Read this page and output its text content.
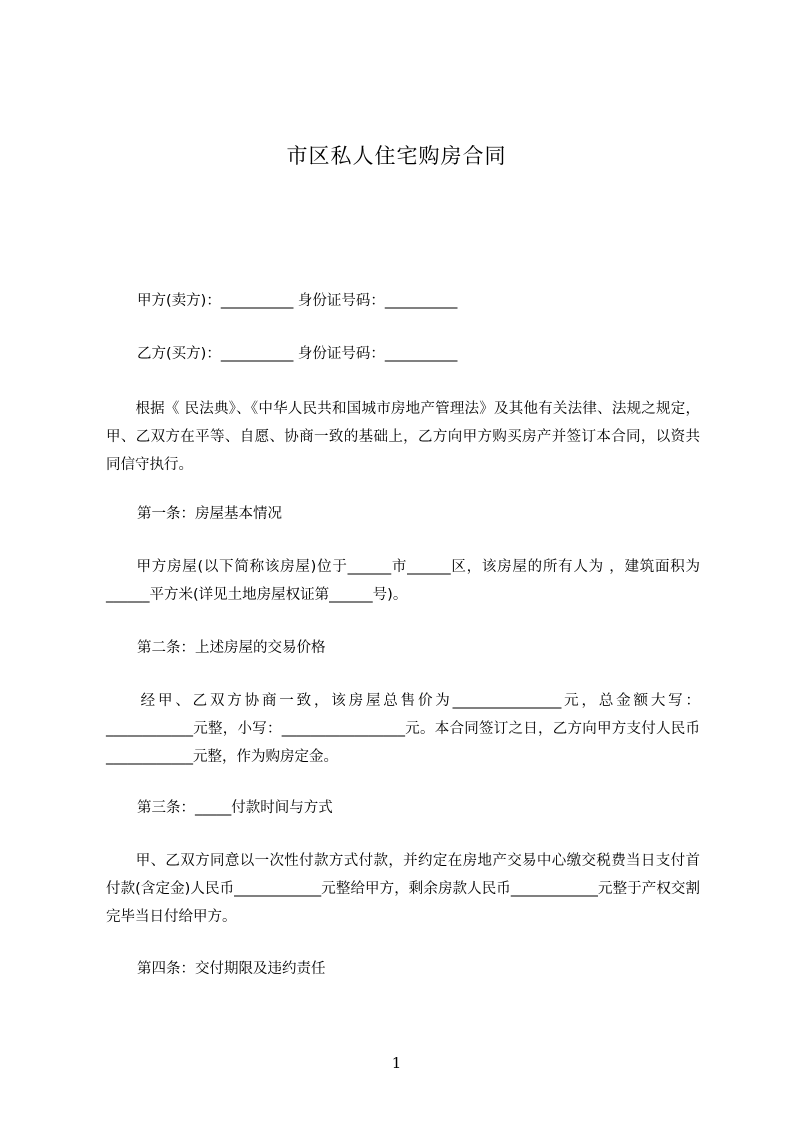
市区私人住宅购房合同

甲方(卖方)：__________ 身份证号码：__________

乙方(买方)：__________ 身份证号码：__________

　　根据《 民法典》、《中华人民共和国城市房地产管理法》及其他有关法律、法规之规定，甲、乙双方在平等、自愿、协商一致的基础上，乙方向甲方购买房产并签订本合同，以资共同信守执行。

第一条：房屋基本情况

　　甲方房屋(以下简称该房屋)位于______市______区，该房屋的所有人为 ，建筑面积为______平方米(详见土地房屋权证第______号)。

第二条：上述房屋的交易价格

　　经甲、乙双方协商一致，该房屋总售价为_______________元，总金额大写：____________元整，小写：_________________元。本合同签订之日，乙方向甲方支付人民币____________元整，作为购房定金。

第三条：_____付款时间与方式

　　甲、乙双方同意以一次性付款方式付款，并约定在房地产交易中心缴交税费当日支付首付款(含定金)人民币____________元整给甲方，剩余房款人民币____________元整于产权交割完毕当日付给甲方。

第四条：交付期限及违约责任

1
